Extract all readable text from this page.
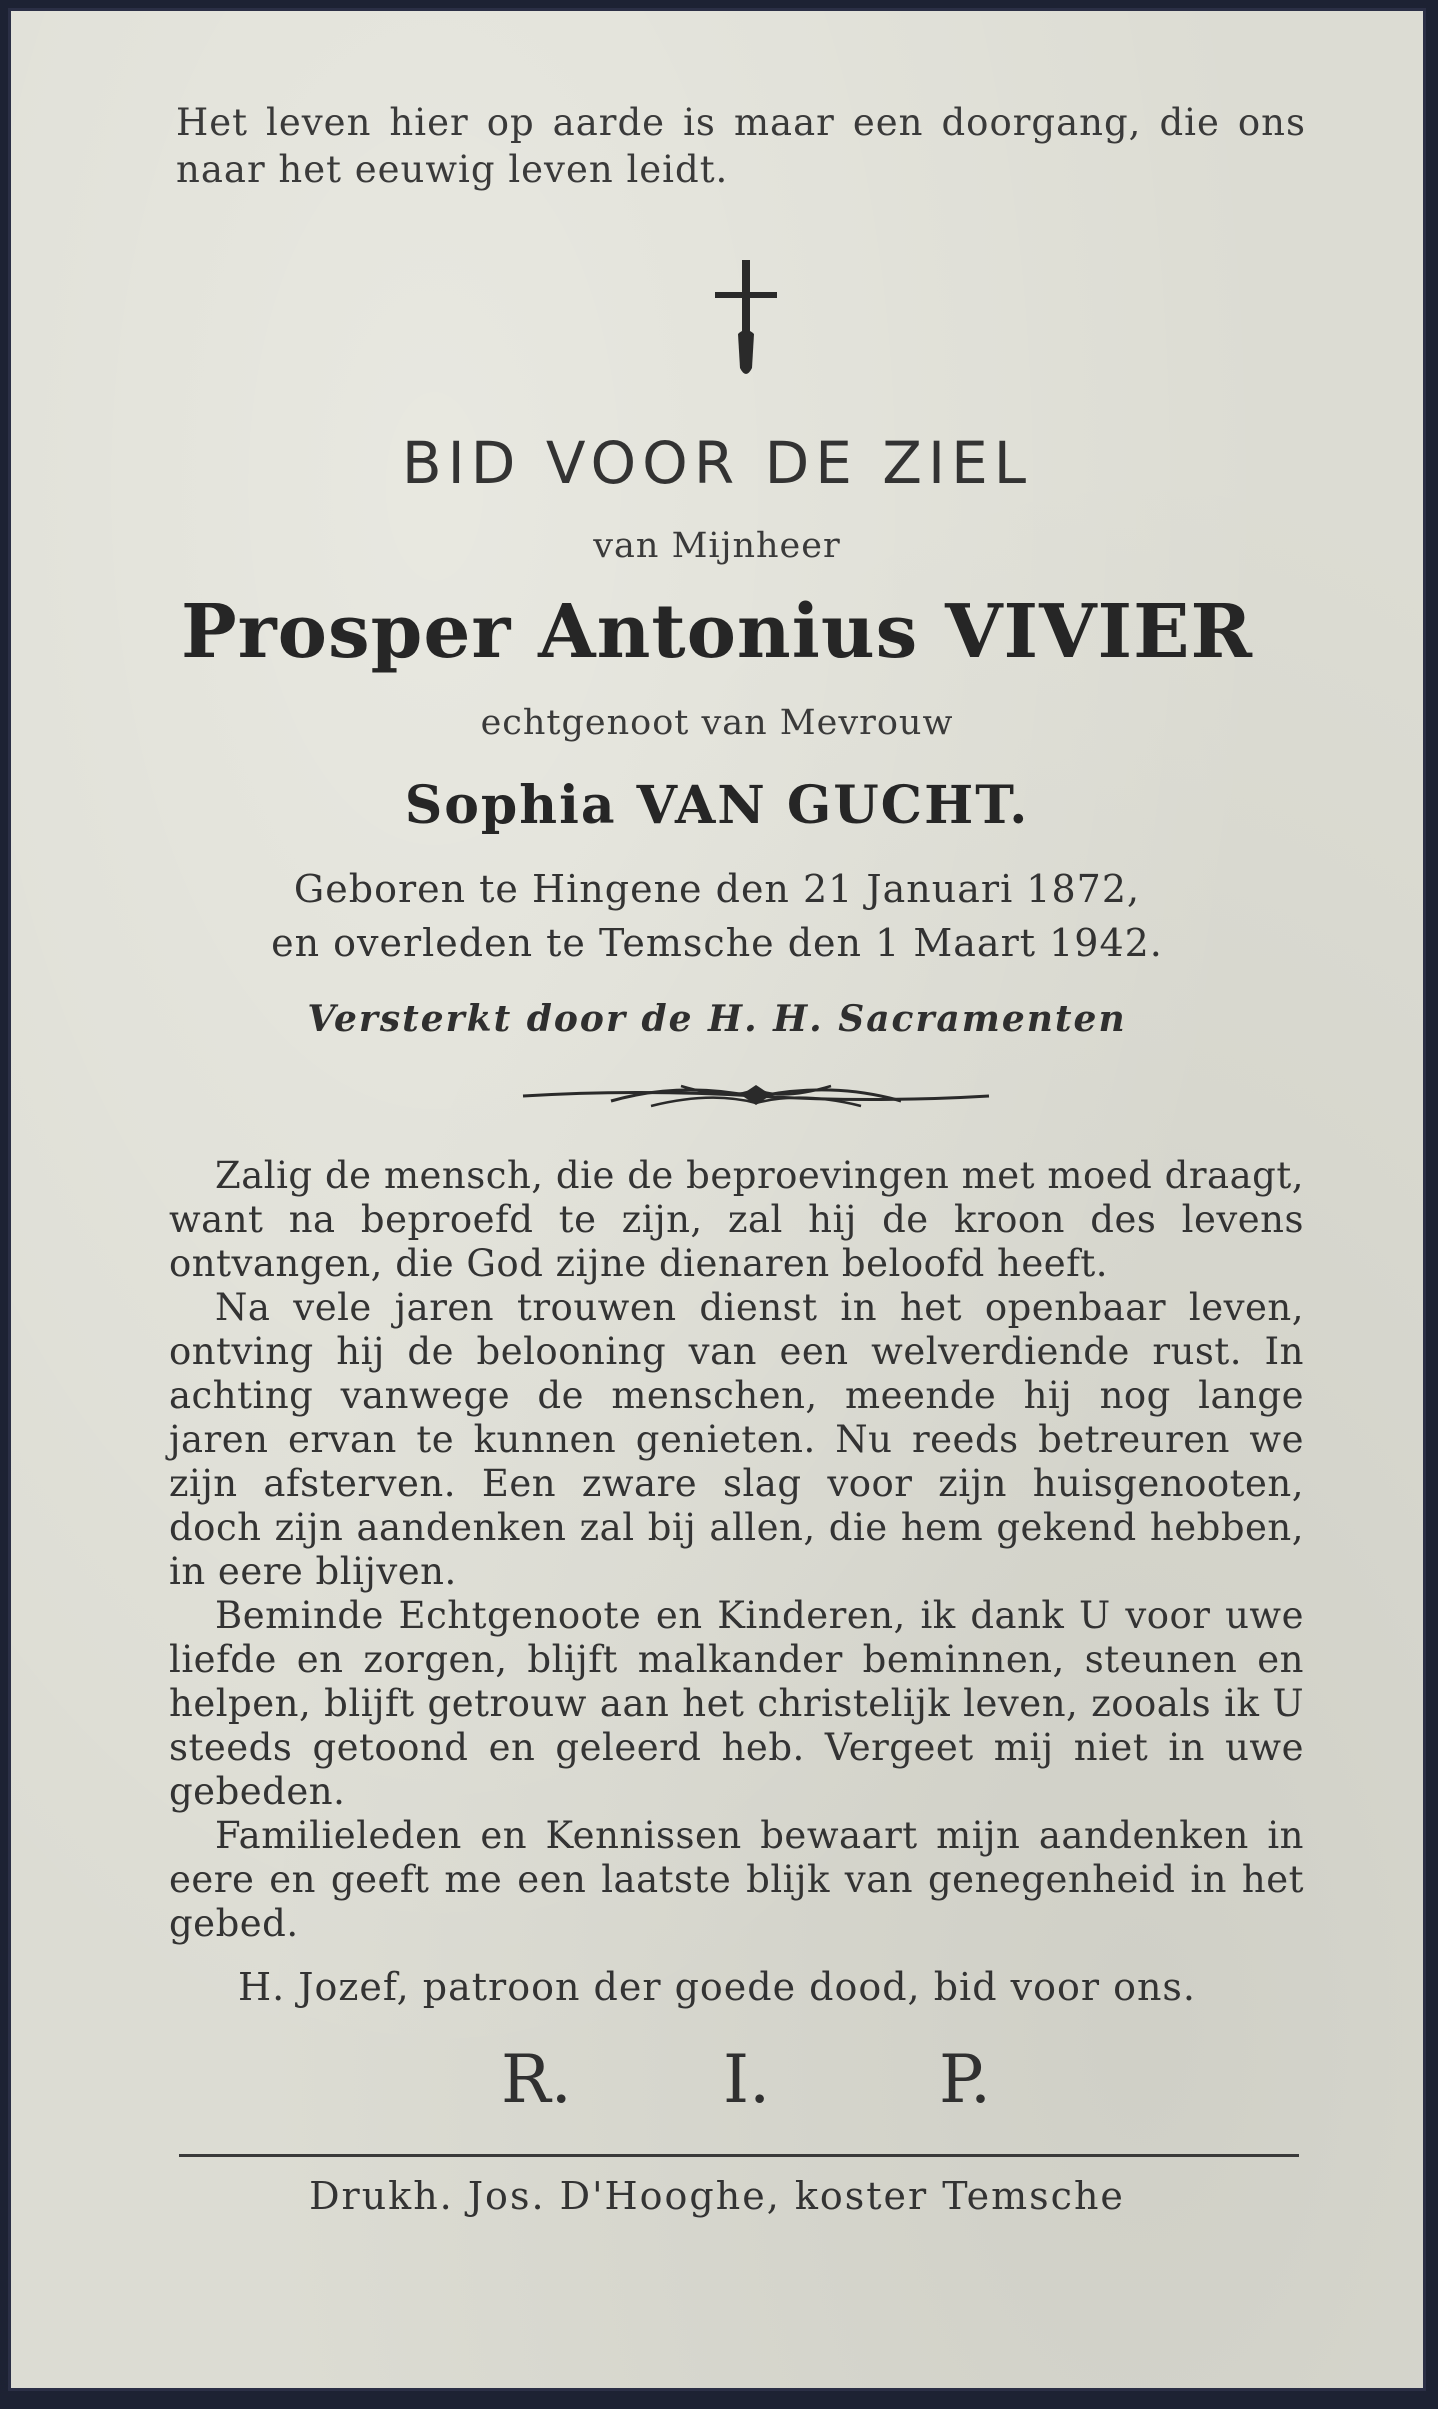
Het leven hier op aarde is maar een doorgang, die ons naar het eeuwig leven leidt.
BID VOOR DE ZIEL
van Mijnheer
Prosper Antonius VIVIER
echtgenoot van Mevrouw
Sophia VAN GUCHT.
Geboren te Hingene den 21 Januari 1872,
en overleden te Temsche den 1 Maart 1942.
Versterkt door de H. H. Sacramenten

Zalig de mensch, die de beproevingen met moed draagt, want na beproefd te zijn, zal hij de kroon des levens ontvangen, die God zijne dienaren beloofd heeft.

Na vele jaren trouwen dienst in het openbaar leven, ontving hij de belooning van een welverdiende rust. In achting vanwege de menschen, meende hij nog lange jaren ervan te kunnen genieten. Nu reeds betreuren we zijn afsterven. Een zware slag voor zijn huisgenooten, doch zijn aandenken zal bij allen, die hem gekend hebben, in eere blijven.

Beminde Echtgenoote en Kinderen, ik dank U voor uwe liefde en zorgen, blijft malkander beminnen, steunen en helpen, blijft getrouw aan het christelijk leven, zooals ik U steeds getoond en geleerd heb. Vergeet mij niet in uwe gebeden.

Familieleden en Kennissen bewaart mijn aandenken in eere en geeft me een laatste blijk van genegenheid in het gebed.

H. Jozef, patroon der goede dood, bid voor ons.
R. I.	P.
Drukh. Jos. D'Hooghe, koster Temsche
